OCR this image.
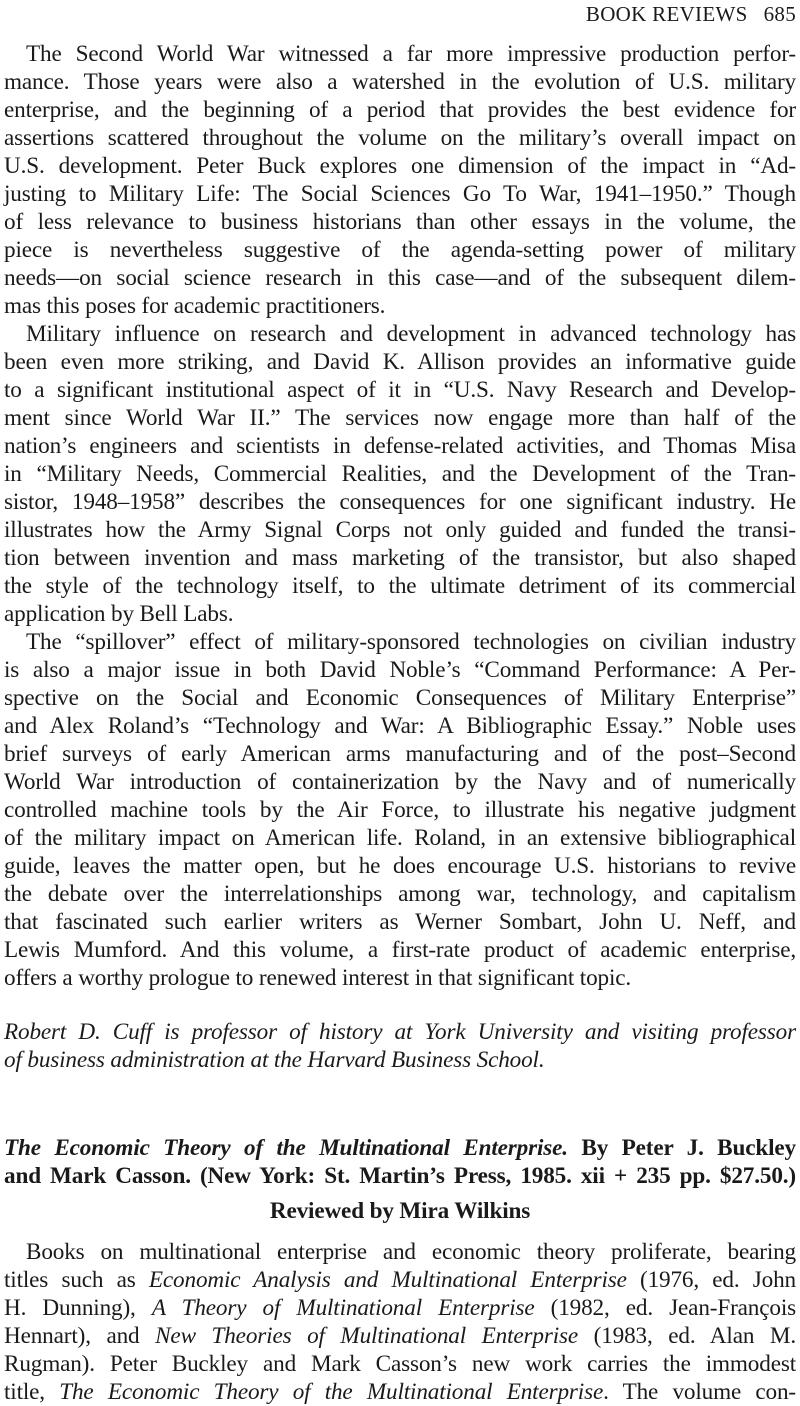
BOOK REVIEWS 685
The Second World War witnessed a far more impressive production perfor-
mance. Those years were also a watershed in the evolution of U.S. military
enterprise, and the beginning of a period that provides the best evidence for
assertions scattered throughout the volume on the military’s overall impact on
U.S. development. Peter Buck explores one dimension of the impact in “Ad-
justing to Military Life: The Social Sciences Go To War, 1941–1950.” Though
of less relevance to business historians than other essays in the volume, the
piece is nevertheless suggestive of the agenda-setting power of military
needs—on social science research in this case—and of the subsequent dilem-
mas this poses for academic practitioners.
Military influence on research and development in advanced technology has
been even more striking, and David K. Allison provides an informative guide
to a significant institutional aspect of it in “U.S. Navy Research and Develop-
ment since World War II.” The services now engage more than half of the
nation’s engineers and scientists in defense-related activities, and Thomas Misa
in “Military Needs, Commercial Realities, and the Development of the Tran-
sistor, 1948–1958” describes the consequences for one significant industry. He
illustrates how the Army Signal Corps not only guided and funded the transi-
tion between invention and mass marketing of the transistor, but also shaped
the style of the technology itself, to the ultimate detriment of its commercial
application by Bell Labs.
The “spillover” effect of military-sponsored technologies on civilian industry
is also a major issue in both David Noble’s “Command Performance: A Per-
spective on the Social and Economic Consequences of Military Enterprise”
and Alex Roland’s “Technology and War: A Bibliographic Essay.” Noble uses
brief surveys of early American arms manufacturing and of the post–Second
World War introduction of containerization by the Navy and of numerically
controlled machine tools by the Air Force, to illustrate his negative judgment
of the military impact on American life. Roland, in an extensive bibliographical
guide, leaves the matter open, but he does encourage U.S. historians to revive
the debate over the interrelationships among war, technology, and capitalism
that fascinated such earlier writers as Werner Sombart, John U. Neff, and
Lewis Mumford. And this volume, a first-rate product of academic enterprise,
offers a worthy prologue to renewed interest in that significant topic.
Robert D. Cuff is professor of history at York University and visiting professor
of business administration at the Harvard Business School.
The Economic Theory of the Multinational Enterprise. By Peter J. Buckley
and Mark Casson. (New York: St. Martin’s Press, 1985. xii + 235 pp. $27.50.)
Reviewed by Mira Wilkins
Books on multinational enterprise and economic theory proliferate, bearing
titles such as Economic Analysis and Multinational Enterprise (1976, ed. John
H. Dunning), A Theory of Multinational Enterprise (1982, ed. Jean-François
Hennart), and New Theories of Multinational Enterprise (1983, ed. Alan M.
Rugman). Peter Buckley and Mark Casson’s new work carries the immodest
title, The Economic Theory of the Multinational Enterprise. The volume con-
